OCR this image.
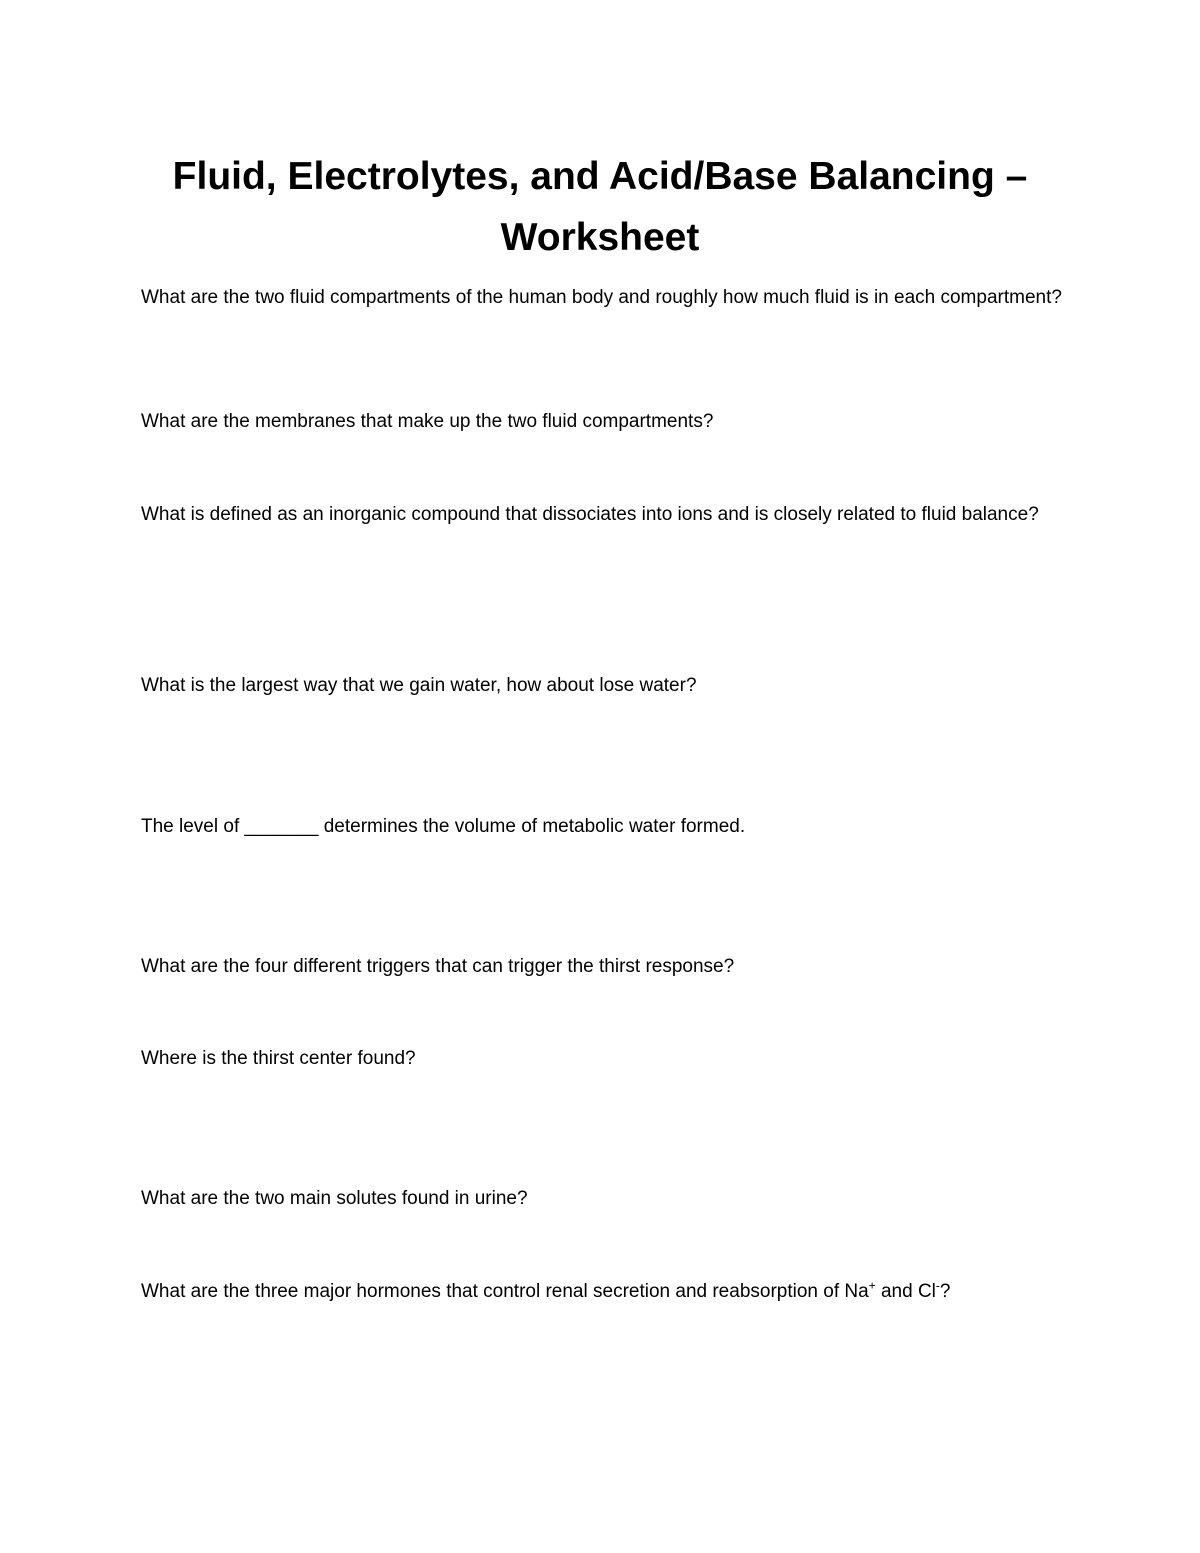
Fluid, Electrolytes, and Acid/Base Balancing –
Worksheet
What are the two fluid compartments of the human body and roughly how much fluid is in each compartment?
What are the membranes that make up the two fluid compartments?
What is defined as an inorganic compound that dissociates into ions and is closely related to fluid balance?
What is the largest way that we gain water, how about lose water?
The level of _______ determines the volume of metabolic water formed.
What are the four different triggers that can trigger the thirst response?
Where is the thirst center found?
What are the two main solutes found in urine?
What are the three major hormones that control renal secretion and reabsorption of Na+ and Cl-?
